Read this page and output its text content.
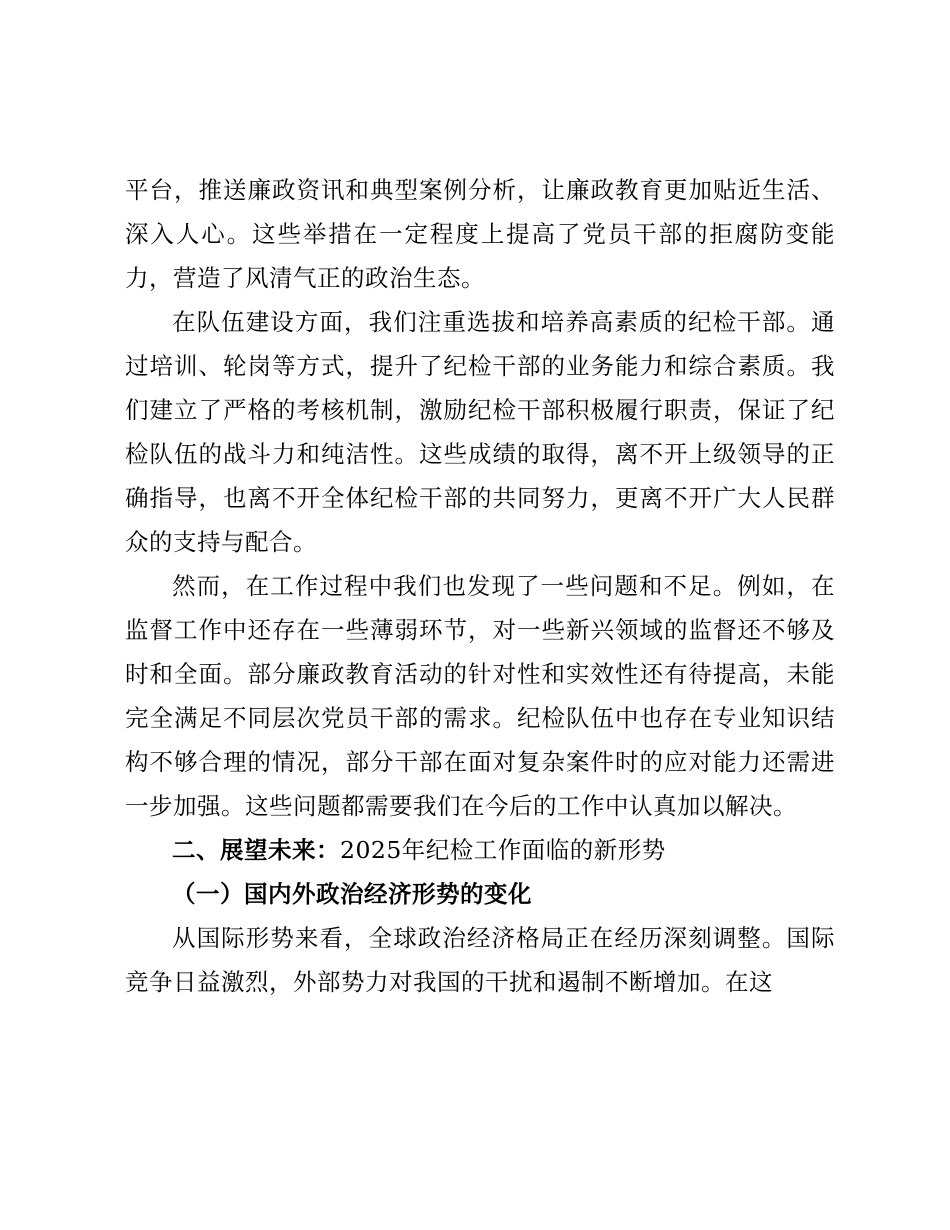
平台，推送廉政资讯和典型案例分析，让廉政教育更加贴近生活、深入人心。这些举措在一定程度上提高了党员干部的拒腐防变能力，营造了风清气正的政治生态。

在队伍建设方面，我们注重选拔和培养高素质的纪检干部。通过培训、轮岗等方式，提升了纪检干部的业务能力和综合素质。我们建立了严格的考核机制，激励纪检干部积极履行职责，保证了纪检队伍的战斗力和纯洁性。这些成绩的取得，离不开上级领导的正确指导，也离不开全体纪检干部的共同努力，更离不开广大人民群众的支持与配合。

然而，在工作过程中我们也发现了一些问题和不足。例如，在监督工作中还存在一些薄弱环节，对一些新兴领域的监督还不够及时和全面。部分廉政教育活动的针对性和实效性还有待提高，未能完全满足不同层次党员干部的需求。纪检队伍中也存在专业知识结构不够合理的情况，部分干部在面对复杂案件时的应对能力还需进一步加强。这些问题都需要我们在今后的工作中认真加以解决。

二、展望未来：2025年纪检工作面临的新形势

（一）国内外政治经济形势的变化

从国际形势来看，全球政治经济格局正在经历深刻调整。国际竞争日益激烈，外部势力对我国的干扰和遏制不断增加。在这
